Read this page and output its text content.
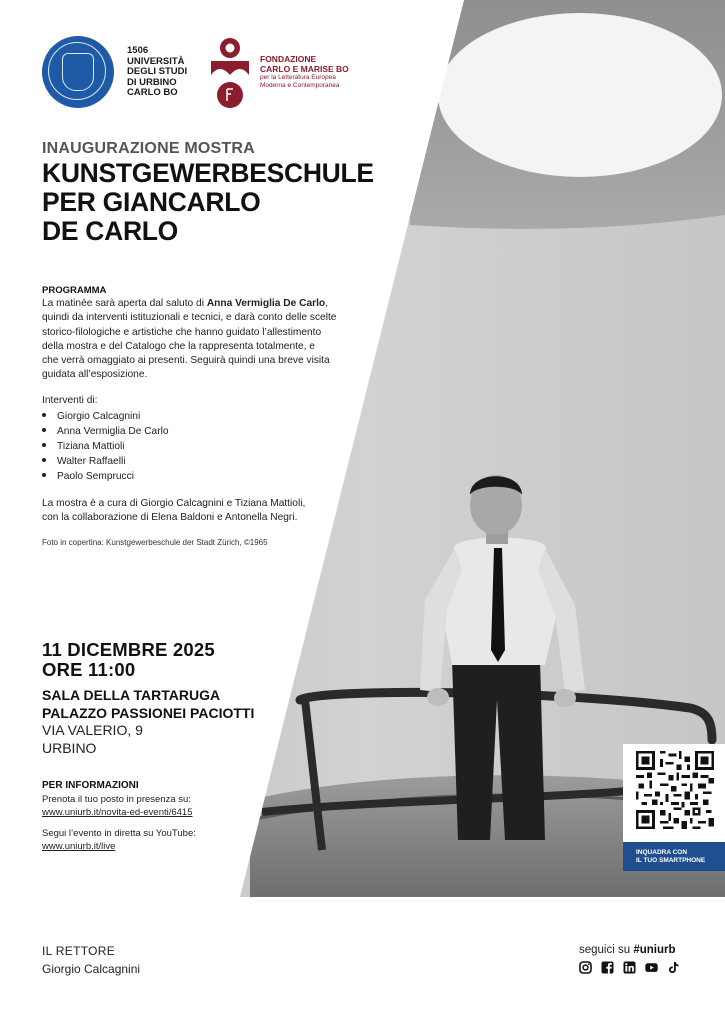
1506
UNIVERSITÀ
DEGLI STUDI
DI URBINO
CARLO BO
FONDAZIONE
CARLO E MARISE BO
per la Letteratura Europea
Moderna e Contemporanea
INAUGURAZIONE MOSTRA
KUNSTGEWERBESCHULE
PER GIANCARLO
DE CARLO
PROGRAMMA
La matinée sarà aperta dal saluto di Anna Vermiglia De Carlo,
quindi da interventi istituzionali e tecnici, e darà conto delle scelte
storico-filologiche e artistiche che hanno guidato l’allestimento
della mostra e del Catalogo che la rappresenta totalmente, e
che verrà omaggiato ai presenti. Seguirà quindi una breve visita
guidata all’esposizione.
Interventi di:
Giorgio Calcagnini
Anna Vermiglia De Carlo
Tiziana Mattioli
Walter Raffaelli
Paolo Semprucci
La mostra è a cura di Giorgio Calcagnini e Tiziana Mattioli,
con la collaborazione di Elena Baldoni e Antonella Negri.
Foto in copertina: Kunstgewerbeschule der Stadt Zürich, ©1965
11 DICEMBRE 2025
ORE 11:00
SALA DELLA TARTARUGA
PALAZZO PASSIONEI PACIOTTI
VIA VALERIO, 9
URBINO
PER INFORMAZIONI
Prenota il tuo posto in presenza su:
www.uniurb.it/novita-ed-eventi/6415
Segui l’evento in diretta su YouTube:
www.uniurb.it/live
INQUADRA CON
IL TUO SMARTPHONE
IL RETTORE
Giorgio Calcagnini
seguici su #uniurb
